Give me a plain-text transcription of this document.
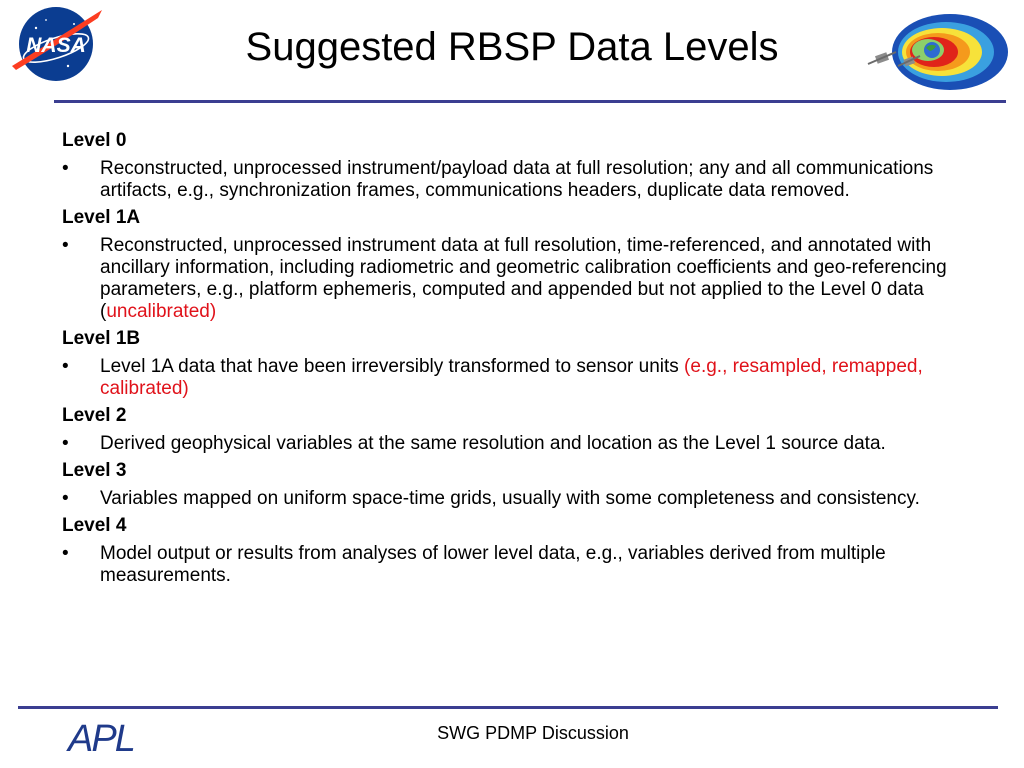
NASA	Suggested RBSP Data Levels
Level 0
•	Reconstructed, unprocessed instrument/payload data at full resolution; any and all communications artifacts, e.g., synchronization frames, communications headers, duplicate data removed.
Level 1A
•	Reconstructed, unprocessed instrument data at full resolution, time-referenced, and annotated with ancillary information, including radiometric and geometric calibration coefficients and geo-referencing parameters, e.g., platform ephemeris, computed and appended but not applied to the Level 0 data (uncalibrated)
Level 1B
•	Level 1A data that have been irreversibly transformed to sensor units (e.g., resampled, remapped, calibrated)
Level 2
•	Derived geophysical variables at the same resolution and location as the Level 1 source data.
Level 3
•	Variables mapped on uniform space-time grids, usually with some completeness and consistency.
Level 4
•	Model output or results from analyses of lower level data, e.g., variables derived from multiple measurements.
APL	SWG PDMP Discussion
